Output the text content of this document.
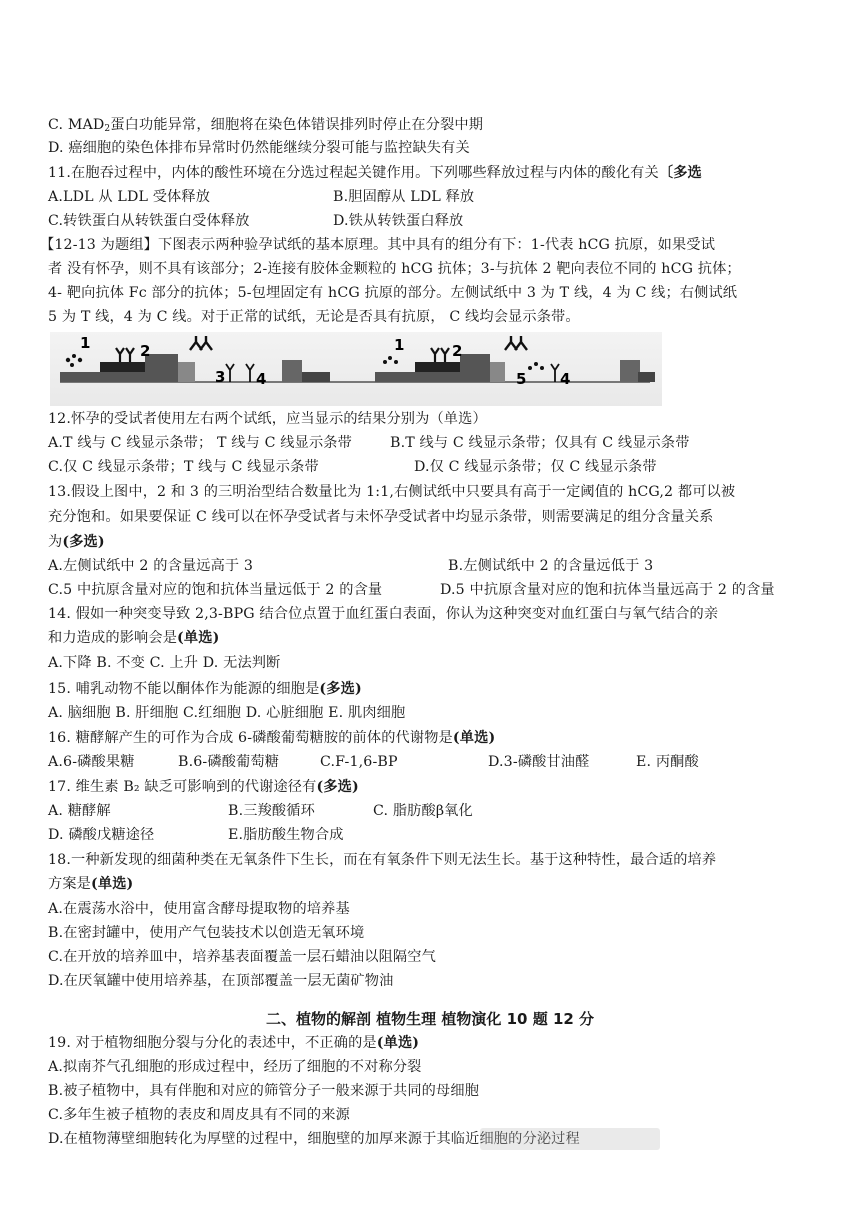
C. $MAD_2$蛋白功能异常，细胞将在染色体错误排列时停止在分裂中期
D. 癌细胞的染色体排布异常时仍然能继续分裂可能与监控缺失有关
11.在胞吞过程中，内体的酸性环境在分选过程起关键作用。下列哪些释放过程与内体的酸化有关〔多选
A.LDL 从 LDL 受体释放	B.胆固醇从 LDL 释放
C.转铁蛋白从转铁蛋白受体释放	D.铁从转铁蛋白释放
【12-13 为题组】下图表示两种验孕试纸的基本原理。其中具有的组分有下：1-代表 hCG 抗原，如果受试
者 没有怀孕，则不具有该部分；2-连接有胶体金颗粒的 hCG 抗体；3-与抗体 2 靶向表位不同的 hCG 抗体；
4- 靶向抗体 Fc 部分的抗体；5-包埋固定有 hCG 抗原的部分。左侧试纸中 3 为 T 线，4 为 C 线；右侧试纸
5 为 T 线，4 为 C 线。对于正常的试纸，无论是否具有抗原， C 线均会显示条带。
1	2
3 4
1	2
5 4
12.怀孕的受试者使用左右两个试纸，应当显示的结果分别为（单选）
A.T 线与 C 线显示条带； T 线与 C 线显示条带	B.T 线与 C 线显示条带；仅具有 C 线显示条带
C.仅 C 线显示条带；T 线与 C 线显示条带	D.仅 C 线显示条带；仅 C 线显示条带
13.假设上图中，2 和 3 的三明治型结合数量比为 1:1,右侧试纸中只要具有高于一定阈值的 hCG,2 都可以被
充分饱和。如果要保证 C 线可以在怀孕受试者与未怀孕受试者中均显示条带，则需要满足的组分含量关系
为(多选)
A.左侧试纸中 2 的含量远高于 3	B.左侧试纸中 2 的含量远低于 3
C.5 中抗原含量对应的饱和抗体当量远低于 2 的含量	D.5 中抗原含量对应的饱和抗体当量远高于 2 的含量
14. 假如一种突变导致 2,3-BPG 结合位点置于血红蛋白表面，你认为这种突变对血红蛋白与氧气结合的亲
和力造成的影响会是(单选)
A.下降 B. 不变 C. 上升 D. 无法判断
15. 哺乳动物不能以酮体作为能源的细胞是(多选)
A. 脑细胞 B. 肝细胞 C.红细胞 D. 心脏细胞 E. 肌肉细胞
16. 糖酵解产生的可作为合成 6-磷酸葡萄糖胺的前体的代谢物是(单选)
A.6-磷酸果糖	B.6-磷酸葡萄糖	C.F-1,6-BP	D.3-磷酸甘油醛	E. 丙酮酸
17. 维生素 B₂ 缺乏可影响到的代谢途径有(多选)
A. 糖酵解	B.三羧酸循环	C. 脂肪酸β氧化
D. 磷酸戊糖途径	E.脂肪酸生物合成
18.一种新发现的细菌种类在无氧条件下生长，而在有氧条件下则无法生长。基于这种特性，最合适的培养
方案是(单选)
A.在震荡水浴中，使用富含酵母提取物的培养基
B.在密封罐中，使用产气包装技术以创造无氧环境
C.在开放的培养皿中，培养基表面覆盖一层石蜡油以阻隔空气
D.在厌氧罐中使用培养基，在顶部覆盖一层无菌矿物油
二、植物的解剖 植物生理 植物演化 10 题 12 分
19. 对于植物细胞分裂与分化的表述中，不正确的是(单选)
A.拟南芥气孔细胞的形成过程中，经历了细胞的不对称分裂
B.被子植物中，具有伴胞和对应的筛管分子一般来源于共同的母细胞
C.多年生被子植物的表皮和周皮具有不同的来源
D.在植物薄壁细胞转化为厚壁的过程中，细胞壁的加厚来源于其临近细胞的分泌过程
